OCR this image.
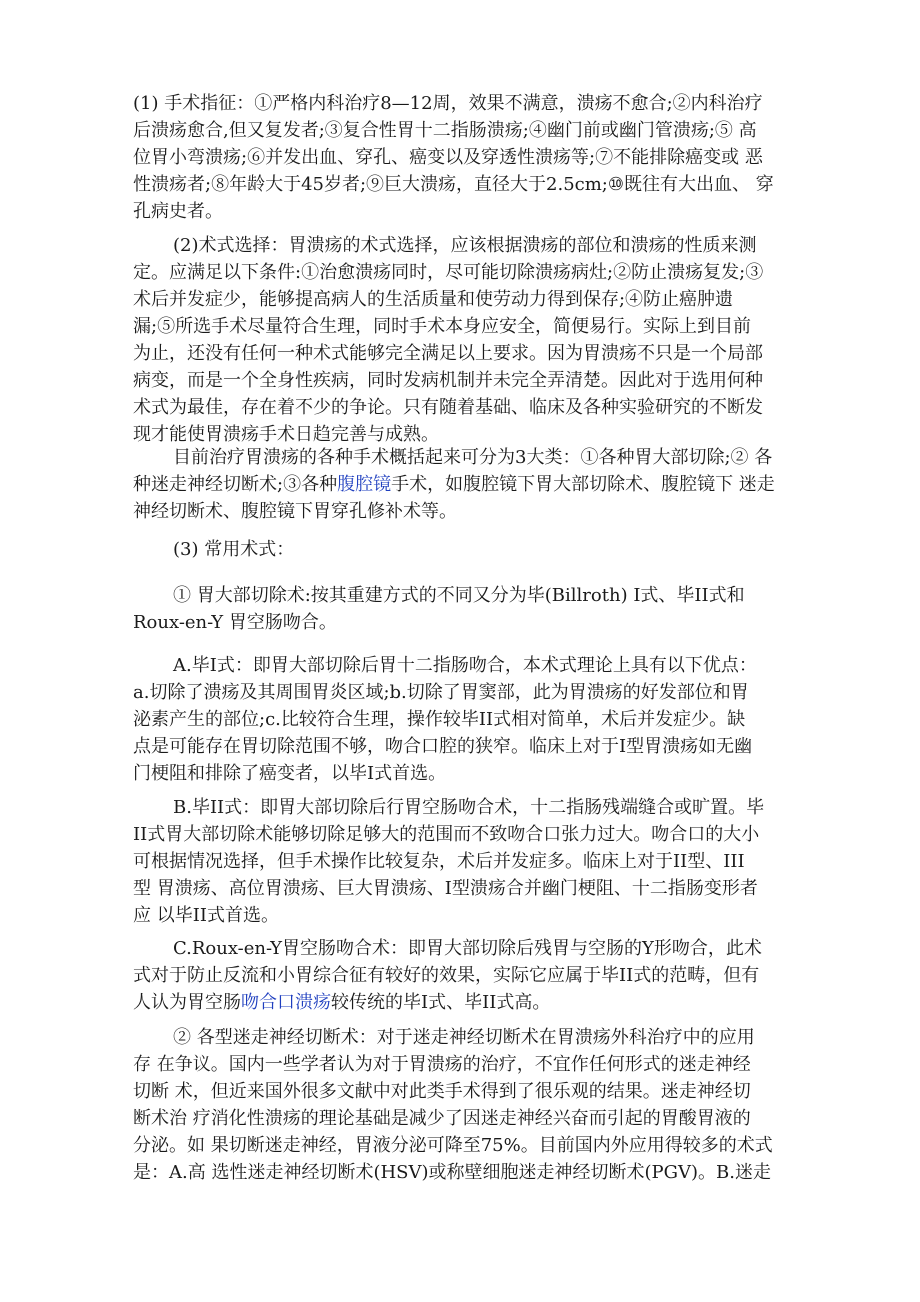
(1) 手术指征：①严格内科治疗8—12周，效果不满意，溃疡不愈合;②内科治疗
后溃疡愈合,但又复发者;③复合性胃十二指肠溃疡;④幽门前或幽门管溃疡;⑤ 高
位胃小弯溃疡;⑥并发出血、穿孔、癌变以及穿透性溃疡等;⑦不能排除癌变或 恶
性溃疡者;⑧年龄大于45岁者;⑨巨大溃疡，直径大于2.5cm;⑩既往有大出血、 穿
孔病史者。
(2)术式选择：胃溃疡的术式选择，应该根据溃疡的部位和溃疡的性质来测
定。应满足以下条件:①治愈溃疡同时，尽可能切除溃疡病灶;②防止溃疡复发;③
术后并发症少，能够提高病人的生活质量和使劳动力得到保存;④防止癌肿遗
漏;⑤所选手术尽量符合生理，同时手术本身应安全，简便易行。实际上到目前
为止，还没有任何一种术式能够完全满足以上要求。因为胃溃疡不只是一个局部
病变，而是一个全身性疾病，同时发病机制并未完全弄清楚。因此对于选用何种
术式为最佳，存在着不少的争论。只有随着基础、临床及各种实验研究的不断发
现才能使胃溃疡手术日趋完善与成熟。
目前治疗胃溃疡的各种手术概括起来可分为3大类：①各种胃大部切除;② 各
种迷走神经切断术;③各种腹腔镜手术，如腹腔镜下胃大部切除术、腹腔镜下 迷走
神经切断术、腹腔镜下胃穿孔修补术等。
(3) 常用术式：
① 胃大部切除术:按其重建方式的不同又分为毕(Billroth) I式、毕II式和
Roux-en-Y 胃空肠吻合。
A.毕I式：即胃大部切除后胃十二指肠吻合，本术式理论上具有以下优点：
a.切除了溃疡及其周围胃炎区域;b.切除了胃窦部，此为胃溃疡的好发部位和胃
泌素产生的部位;c.比较符合生理，操作较毕II式相对简单，术后并发症少。缺
点是可能存在胃切除范围不够，吻合口腔的狭窄。临床上对于I型胃溃疡如无幽
门梗阻和排除了癌变者，以毕I式首选。
B.毕II式：即胃大部切除后行胃空肠吻合术，十二指肠残端缝合或旷置。毕
II式胃大部切除术能够切除足够大的范围而不致吻合口张力过大。吻合口的大小
可根据情况选择，但手术操作比较复杂，术后并发症多。临床上对于II型、III
型 胃溃疡、高位胃溃疡、巨大胃溃疡、I型溃疡合并幽门梗阻、十二指肠变形者
应 以毕II式首选。
C.Roux-en-Y胃空肠吻合术：即胃大部切除后残胃与空肠的Y形吻合，此术
式对于防止反流和小胃综合征有较好的效果，实际它应属于毕II式的范畴，但有
人认为胃空肠吻合口溃疡较传统的毕I式、毕II式高。
② 各型迷走神经切断术：对于迷走神经切断术在胃溃疡外科治疗中的应用
存 在争议。国内一些学者认为对于胃溃疡的治疗，不宜作任何形式的迷走神经
切断 术，但近来国外很多文献中对此类手术得到了很乐观的结果。迷走神经切
断术治 疗消化性溃疡的理论基础是减少了因迷走神经兴奋而引起的胃酸胃液的
分泌。如 果切断迷走神经，胃液分泌可降至75%。目前国内外应用得较多的术式
是：A.高 选性迷走神经切断术(HSV)或称壁细胞迷走神经切断术(PGV)。B.迷走
